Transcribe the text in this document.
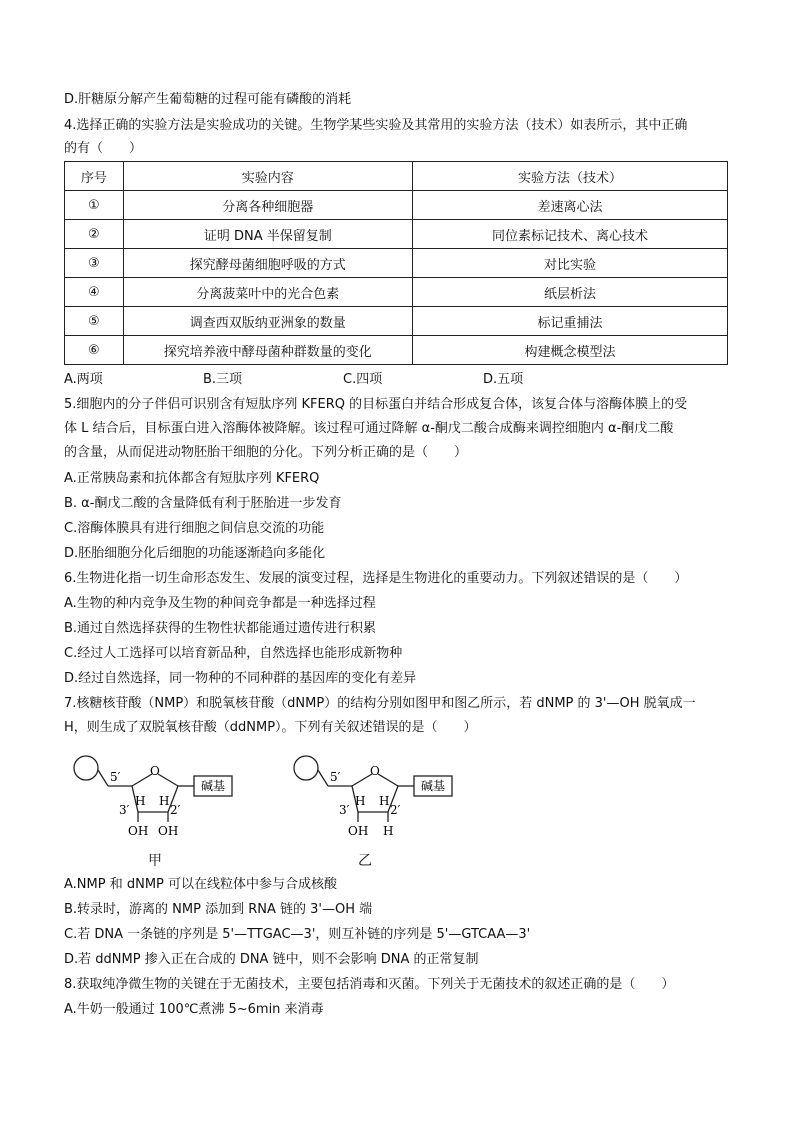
D.肝糖原分解产生葡萄糖的过程可能有磷酸的消耗
4.选择正确的实验方法是实验成功的关键。生物学某些实验及其常用的实验方法（技术）如表所示，其中正确
的有（　　）
序号	实验内容	实验方法（技术）
①	分离各种细胞器	差速离心法
②	证明 DNA 半保留复制	同位素标记技术、离心技术
③	探究酵母菌细胞呼吸的方式	对比实验
④	分离菠菜叶中的光合色素	纸层析法
⑤	调查西双版纳亚洲象的数量	标记重捕法
⑥	探究培养液中酵母菌种群数量的变化	构建概念模型法
A.两项	B.三项	C.四项	D.五项
5.细胞内的分子伴侣可识别含有短肽序列 KFERQ 的目标蛋白并结合形成复合体，该复合体与溶酶体膜上的受
体 L 结合后，目标蛋白进入溶酶体被降解。该过程可通过降解 α-酮戊二酸合成酶来调控细胞内 α-酮戊二酸
的含量，从而促进动物胚胎干细胞的分化。下列分析正确的是（　　）
A.正常胰岛素和抗体都含有短肽序列 KFERQ
B. α-酮戊二酸的含量降低有利于胚胎进一步发育
C.溶酶体膜具有进行细胞之间信息交流的功能
D.胚胎细胞分化后细胞的功能逐渐趋向多能化
6.生物进化指一切生命形态发生、发展的演变过程，选择是生物进化的重要动力。下列叙述错误的是（　　）
A.生物的种内竞争及生物的种间竞争都是一种选择过程
B.通过自然选择获得的生物性状都能通过遗传进行积累
C.经过人工选择可以培育新品种，自然选择也能形成新物种
D.经过自然选择，同一物种的不同种群的基因库的变化有差异
7.核糖核苷酸（NMP）和脱氧核苷酸（dNMP）的结构分别如图甲和图乙所示，若 dNMP 的 3'—OH 脱氧成一
H，则生成了双脱氧核苷酸（ddNMP）。下列有关叙述错误的是（　　）
5′ O
碱基
3′	2′
H H
OH OH
甲
5′ O
碱基
3′	2′
H H
OH H
乙
A.NMP 和 dNMP 可以在线粒体中参与合成核酸
B.转录时，游离的 NMP 添加到 RNA 链的 3'—OH 端
C.若 DNA 一条链的序列是 5'—TTGAC—3'，则互补链的序列是 5'—GTCAA—3'
D.若 ddNMP 掺入正在合成的 DNA 链中，则不会影响 DNA 的正常复制
8.获取纯净微生物的关键在于无菌技术，主要包括消毒和灭菌。下列关于无菌技术的叙述正确的是（　　）
A.牛奶一般通过 100℃煮沸 5~6min 来消毒
